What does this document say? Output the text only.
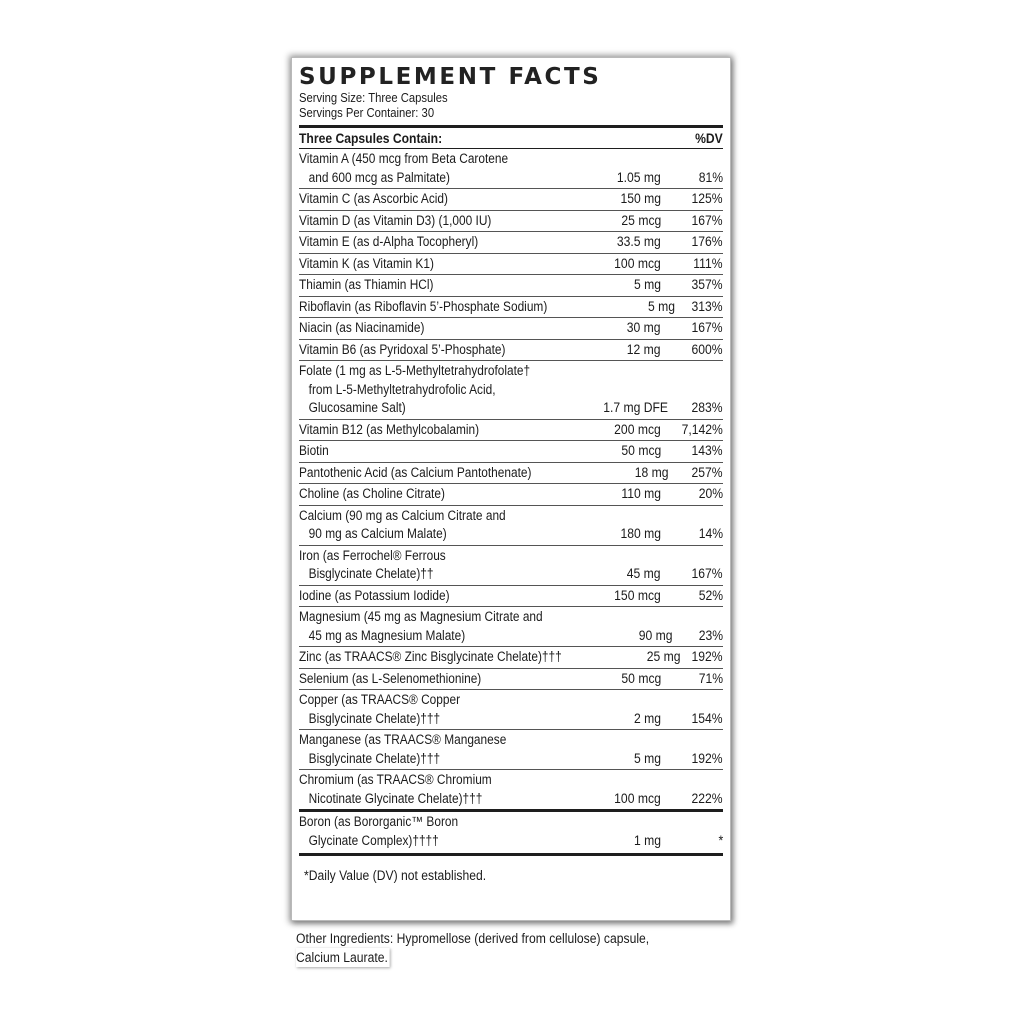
SUPPLEMENT FACTS
Serving Size: Three Capsules
Servings Per Container: 30
Three Capsules Contain:	%DV
Vitamin A (450 mcg from Beta Carotene
and 600 mcg as Palmitate)	1.05 mg	81%
Vitamin C (as Ascorbic Acid)	150 mg	125%
Vitamin D (as Vitamin D3) (1,000 IU)	25 mcg	167%
Vitamin E (as d-Alpha Tocopheryl)	33.5 mg	176%
Vitamin K (as Vitamin K1)	100 mcg	111%
Thiamin (as Thiamin HCl)	5 mg	357%
Riboflavin (as Riboflavin 5’-Phosphate Sodium)	5 mg	313%
Niacin (as Niacinamide)	30 mg	167%
Vitamin B6 (as Pyridoxal 5’-Phosphate)	12 mg	600%
Folate (1 mg as L-5-Methyltetrahydrofolate†
from L-5-Methyltetrahydrofolic Acid,
Glucosamine Salt)	1.7 mg DFE	283%
Vitamin B12 (as Methylcobalamin)	200 mcg	7,142%
Biotin	50 mcg	143%
Pantothenic Acid (as Calcium Pantothenate)	18 mg	257%
Choline (as Choline Citrate)	110 mg	20%
Calcium (90 mg as Calcium Citrate and
90 mg as Calcium Malate)	180 mg	14%
Iron (as Ferrochel® Ferrous
Bisglycinate Chelate)††	45 mg	167%
Iodine (as Potassium Iodide)	150 mcg	52%
Magnesium (45 mg as Magnesium Citrate and
45 mg as Magnesium Malate)	90 mg	23%
Zinc (as TRAACS® Zinc Bisglycinate Chelate)†††	25 mg 192%
Selenium (as L-Selenomethionine)	50 mcg	71%
Copper (as TRAACS® Copper
Bisglycinate Chelate)†††	2 mg	154%
Manganese (as TRAACS® Manganese
Bisglycinate Chelate)†††	5 mg	192%
Chromium (as TRAACS® Chromium
Nicotinate Glycinate Chelate)†††	100 mcg	222%
Boron (as Bororganic™ Boron
Glycinate Complex)††††	1 mg	*
*Daily Value (DV) not established.
Other Ingredients: Hypromellose (derived from cellulose) capsule,
Calcium Laurate.
